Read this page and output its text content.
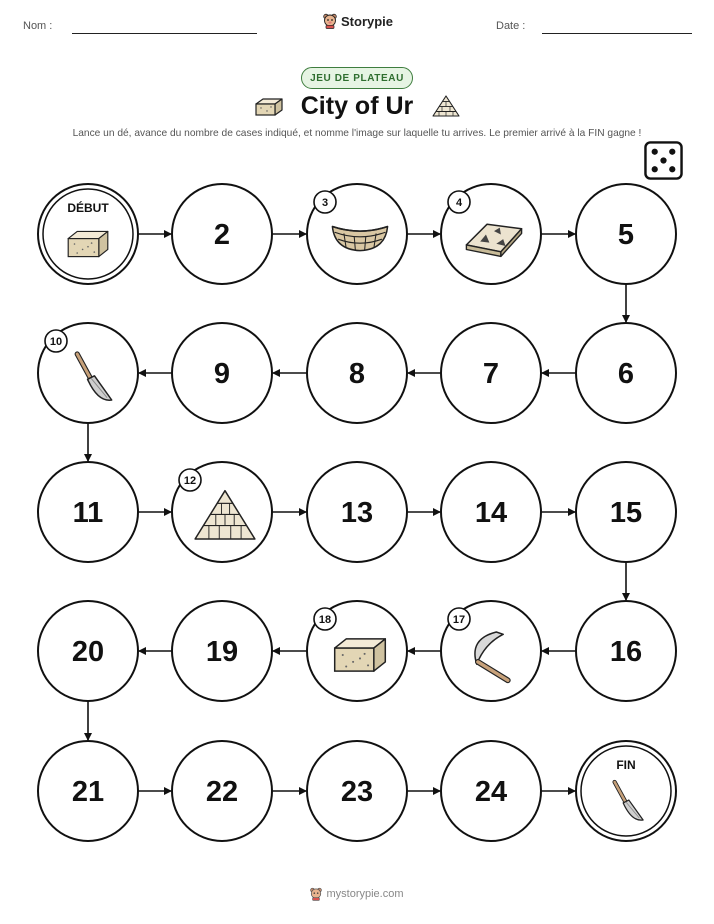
Nom :	Storypie	Date :
JEU DE PLATEAU
City of Ur
Lance un dé, avance du nombre de cases indiqué, et nomme l'image sur laquelle tu arrives. Le premier arrivé à la FIN gagne !
DÉBUT
2
3	4
5
6
7
8
9
10
11
12
13	14	15
16
17
18
19
20
21	22	23	24
FIN
mystorypie.com
